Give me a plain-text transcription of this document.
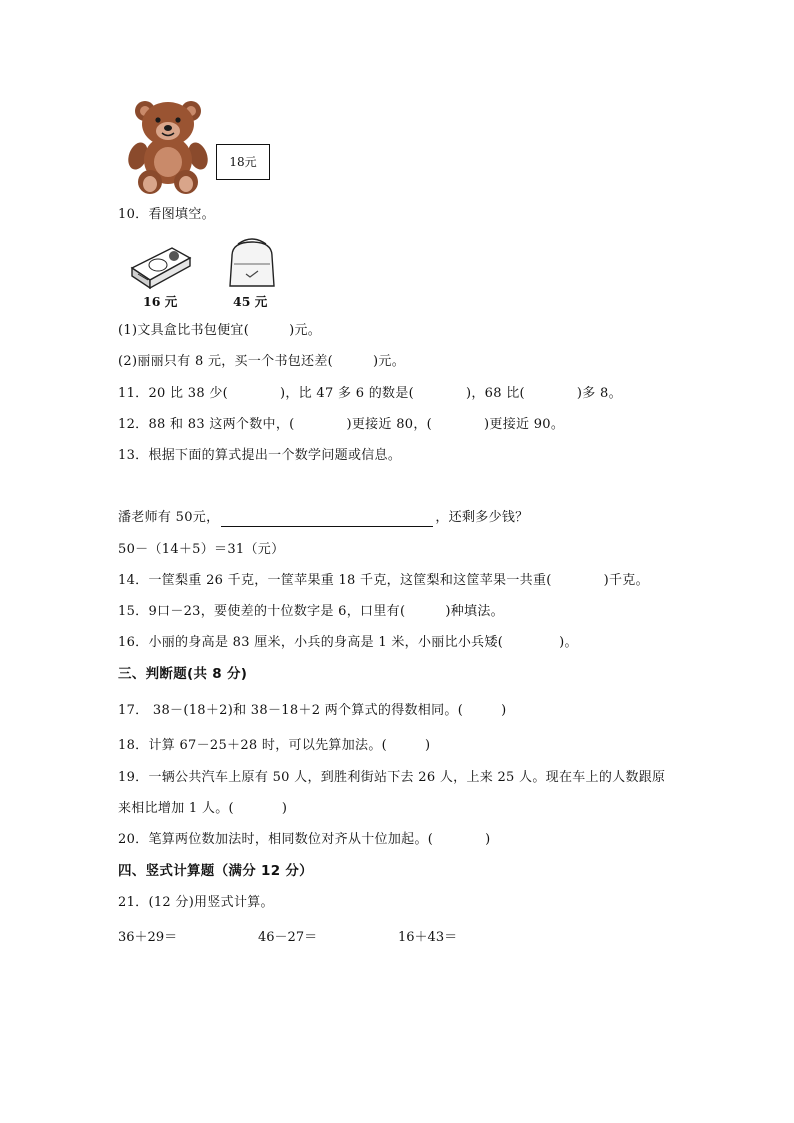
18元
10．看图填空。
16 元	45 元
(1)文具盒比书包便宜(	)元。
(2)丽丽只有 8 元，买一个书包还差(	)元。
11．20 比 38 少(	)，比 47 多 6 的数是(	)，68 比(	)多 8。
12．88 和 83 这两个数中，(	)更接近 80，(	)更接近 90。
13．根据下面的算式提出一个数学问题或信息。
潘老师有 50元，	，还剩多少钱？
50－（14＋5）＝31（元）
14．一筐梨重 26 千克，一筐苹果重 18 千克，这筐梨和这筐苹果一共重(	)千克。
15．9口－23，要使差的十位数字是 6，口里有(	)种填法。
16．小丽的身高是 83 厘米，小兵的身高是 1 米，小丽比小兵矮(	)。
三、判断题(共 8 分)
17． 38－(18＋2)和 38－18＋2 两个算式的得数相同。(	)
18．计算 67－25＋28 时，可以先算加法。(	)
19．一辆公共汽车上原有 50 人，到胜利街站下去 26 人，上来 25 人。现在车上的人数跟原
来相比增加 1 人。(	)
20．笔算两位数加法时，相同数位对齐从十位加起。(	)
四、竖式计算题（满分 12 分）
21．(12 分)用竖式计算。
36＋29＝	46－27＝	16＋43＝
